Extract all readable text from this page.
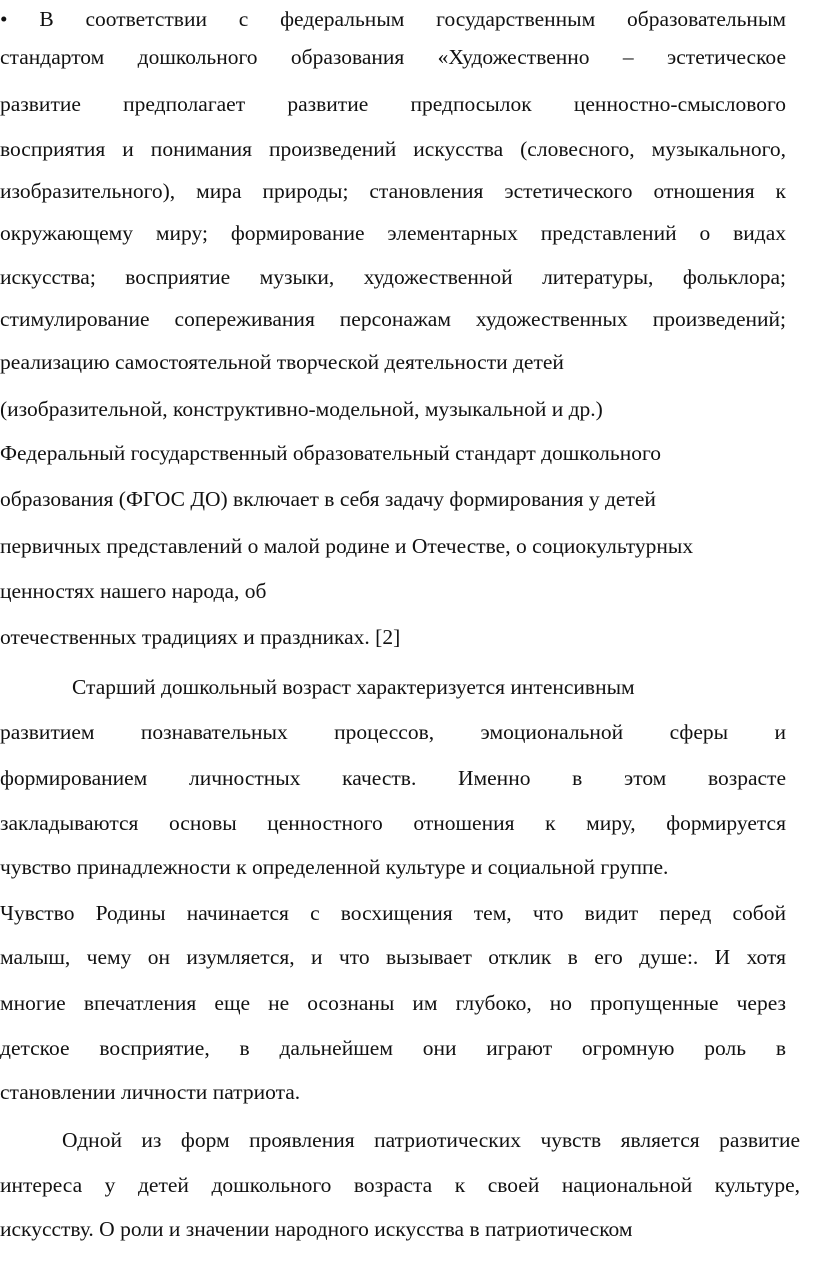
• В соответствии с федеральным государственным образовательным
стандартом дошкольного образования «Художественно – эстетическое
развитие предполагает развитие предпосылок ценностно-смыслового
восприятия и понимания произведений искусства (словесного, музыкального,
изобразительного), мира природы; становления эстетического отношения к
окружающему миру; формирование элементарных представлений о видах
искусства; восприятие музыки, художественной литературы, фольклора;
стимулирование сопереживания персонажам художественных произведений;
реализацию самостоятельной творческой деятельности детей
(изобразительной, конструктивно-модельной, музыкальной и др.)
Федеральный государственный образовательный стандарт дошкольного
образования (ФГОС ДО) включает в себя задачу формирования у детей
первичных представлений о малой родине и Отечестве, о социокультурных
ценностях нашего народа, об
отечественных традициях и праздниках. [2]
Старший дошкольный возраст характеризуется интенсивным
развитием познавательных процессов, эмоциональной сферы и
формированием личностных качеств. Именно в этом возрасте
закладываются основы ценностного отношения к миру, формируется
чувство принадлежности к определенной культуре и социальной группе.
Чувство Родины начинается с восхищения тем, что видит перед собой
малыш, чему он изумляется, и что вызывает отклик в его душе:. И хотя
многие впечатления еще не осознаны им глубоко, но пропущенные через
детское восприятие, в дальнейшем они играют огромную роль в
становлении личности патриота.
Одной из форм проявления патриотических чувств является развитие
интереса у детей дошкольного возраста к своей национальной культуре,
искусству. О роли и значении народного искусства в патриотическом
